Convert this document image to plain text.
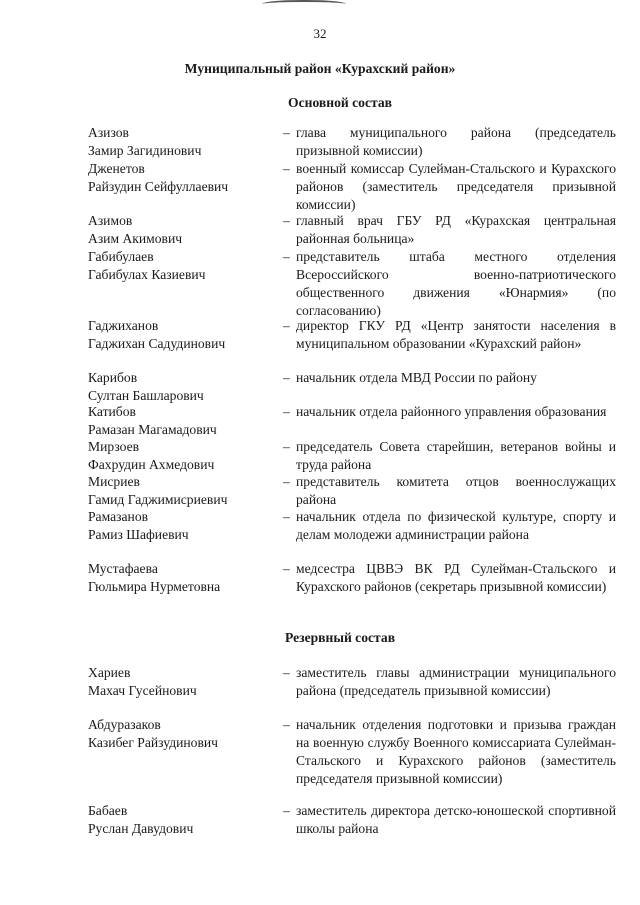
32
Муниципальный район «Курахский район»
Основной состав
Азизов
Замир Загидинович
– глава муниципального района (председатель призывной комиссии)
Дженетов
Райзудин Сейфуллаевич
– военный комиссар Сулейман-Стальского и Курахского районов (заместитель председателя призывной комиссии)
Азимов
Азим Акимович
– главный врач ГБУ РД «Курахская центральная районная больница»
Габибулаев
Габибулах Казиевич
– представитель штаба местного отделения Всероссийского военно-патриотического общественного движения «Юнармия» (по согласованию)
Гаджиханов
Гаджихан Садудинович
– директор ГКУ РД «Центр занятости населения в муниципальном образовании «Курахский район»
Карибов
Султан Башларович
– начальник отдела МВД России по району
Катибов
Рамазан Магамадович
– начальник отдела районного управления образования
Мирзоев
Фахрудин Ахмедович
– председатель Совета старейшин, ветеранов войны и труда района
Мисриев
Гамид Гаджимисриевич
– представитель комитета отцов военнослужащих района
Рамазанов
Рамиз Шафиевич
– начальник отдела по физической культуре, спорту и делам молодежи администрации района
Мустафаева
Гюльмира Нурметовна
– медсестра ЦВВЭ ВК РД Сулейман-Стальского и Курахского районов (секретарь призывной комиссии)
Резервный состав
Хариев
Махач Гусейнович
– заместитель главы администрации муниципального района (председатель призывной комиссии)
Абдуразаков
Казибег Райзудинович
– начальник отделения подготовки и призыва граждан на военную службу Военного комиссариата Сулейман-Стальского и Курахского районов (заместитель председателя призывной комиссии)
Бабаев
Руслан Давудович
– заместитель директора детско-юношеской спортивной школы района
